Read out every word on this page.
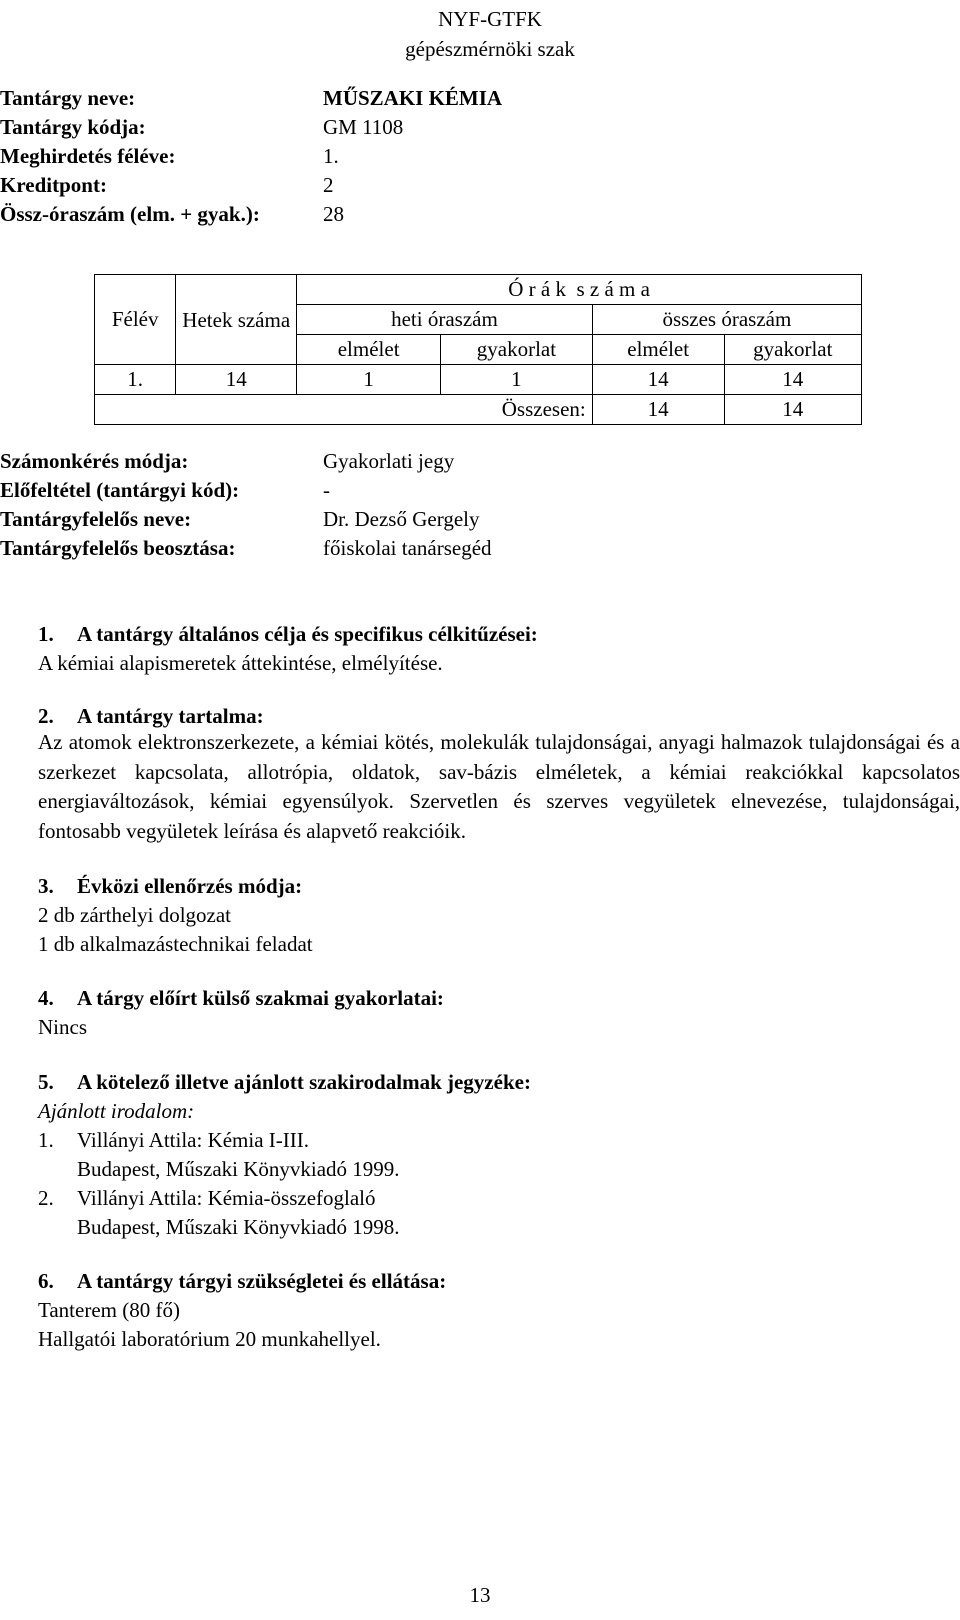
NYF-GTFK
gépészmérnöki szak
Tantárgy neve:	MŰSZAKI KÉMIA
Tantárgy kódja:	GM 1108
Meghirdetés féléve:	1.
Kreditpont:	2
Össz-óraszám (elm. + gyak.):	28
Félév	Hetek száma	Ó r á k  s z á m a			
		heti óraszám		összes óraszám	
		elmélet	gyakorlat	elmélet	gyakorlat
1.	14	1	1	14	14
Összesen:				14	14
Számonkérés módja:	Gyakorlati jegy
Előfeltétel (tantárgyi kód):	-
Tantárgyfelelős neve:	Dr. Dezső Gergely
Tantárgyfelelős beosztása:	főiskolai tanársegéd
1. A tantárgy általános célja és specifikus célkitűzései:
A kémiai alapismeretek áttekintése, elmélyítése.
2. A tantárgy tartalma:
Az atomok elektronszerkezete, a kémiai kötés, molekulák tulajdonságai, anyagi halmazok tulajdonságai és a szerkezet kapcsolata, allotrópia, oldatok, sav-bázis elméletek, a kémiai reakciókkal kapcsolatos energiaváltozások, kémiai egyensúlyok. Szervetlen és szerves vegyületek elnevezése, tulajdonságai, fontosabb vegyületek leírása és alapvető reakcióik.
3. Évközi ellenőrzés módja:
2 db zárthelyi dolgozat
1 db alkalmazástechnikai feladat
4. A tárgy előírt külső szakmai gyakorlatai:
Nincs
5. A kötelező illetve ajánlott szakirodalmak jegyzéke:
Ajánlott irodalom:
1. Villányi Attila: Kémia I-III.
Budapest, Műszaki Könyvkiadó 1999.
2. Villányi Attila: Kémia-összefoglaló
Budapest, Műszaki Könyvkiadó 1998.
6. A tantárgy tárgyi szükségletei és ellátása:
Tanterem (80 fő)
Hallgatói laboratórium 20 munkahellyel.
13
